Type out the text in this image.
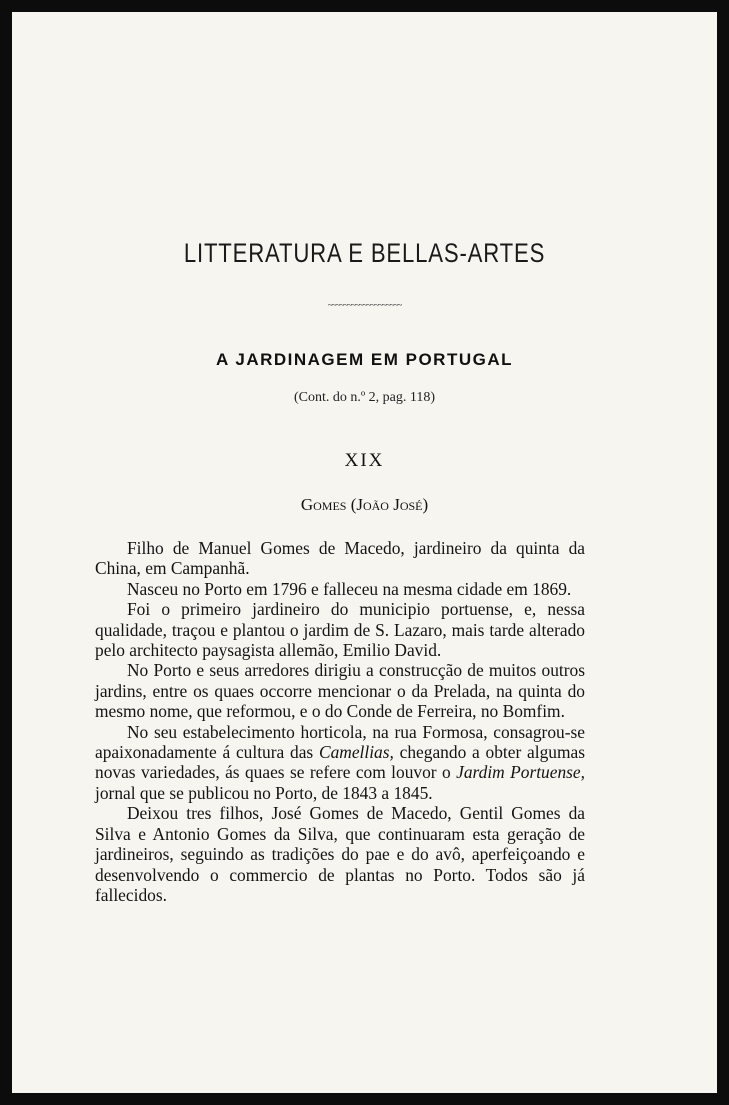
LITTERATURA E BELLAS-ARTES
~~~~~~~~~~~~~~~~~~~
A JARDINAGEM EM PORTUGAL
(Cont. do n.º 2, pag. 118)
XIX
Gomes (João José)

Filho de Manuel Gomes de Macedo, jardineiro da quinta da China, em Campanhã.

Nasceu no Porto em 1796 e falleceu na mesma cidade em 1869.

Foi o primeiro jardineiro do municipio portuense, e, nessa qualidade, traçou e plantou o jardim de S. Lazaro, mais tarde alterado pelo architecto paysagista allemão, Emilio David.

No Porto e seus arredores dirigiu a construcção de muitos outros jardins, entre os quaes occorre mencionar o da Prelada, na quinta do mesmo nome, que reformou, e o do Conde de Ferreira, no Bomfim.

No seu estabelecimento horticola, na rua Formosa, consagrou-se apaixonadamente á cultura das Camellias, chegando a obter algumas novas variedades, ás quaes se refere com louvor o Jardim Portuense, jornal que se publicou no Porto, de 1843 a 1845.

Deixou tres filhos, José Gomes de Macedo, Gentil Gomes da Silva e Antonio Gomes da Silva, que continuaram esta geração de jardineiros, seguindo as tradições do pae e do avô, aperfeiçoando e desenvolvendo o commercio de plantas no Porto. Todos são já fallecidos.
